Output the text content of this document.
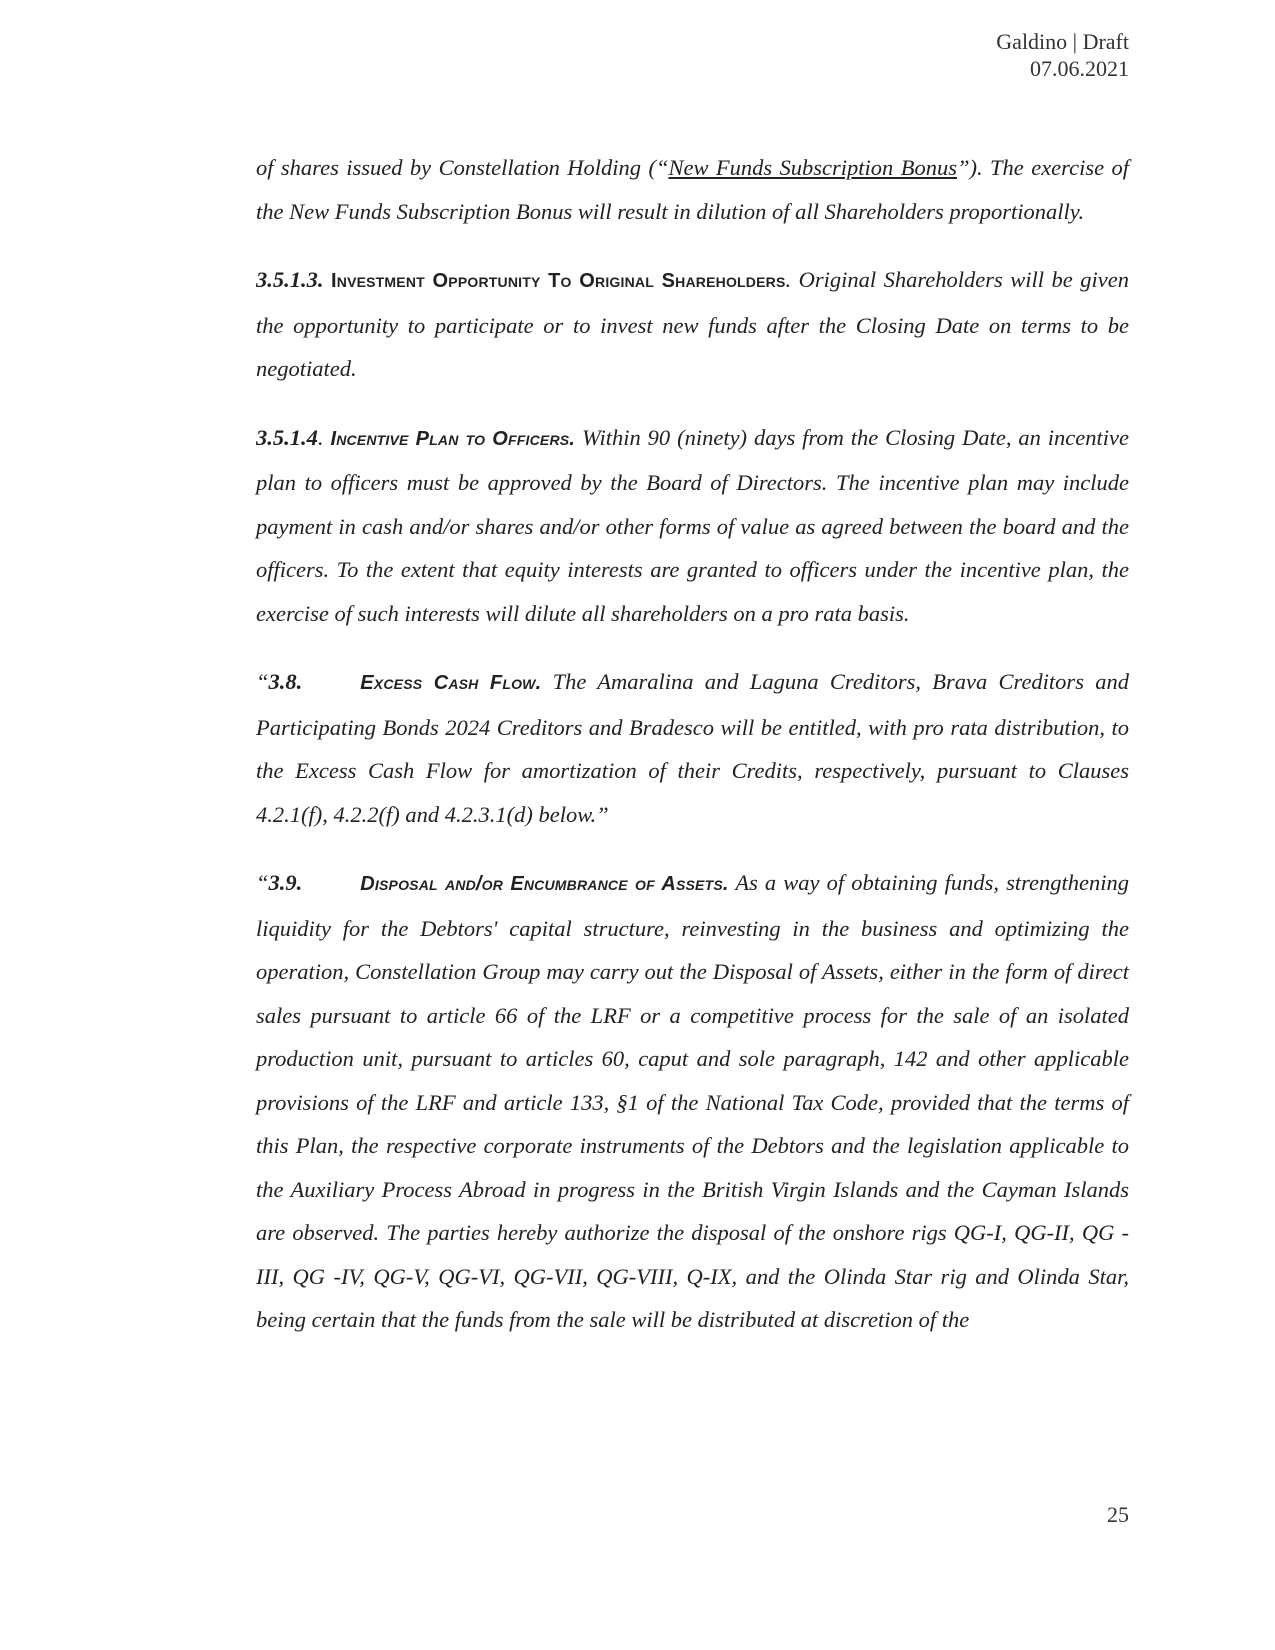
Galdino | Draft
07.06.2021

of shares issued by Constellation Holding (“New Funds Subscription Bonus”). The exercise of the New Funds Subscription Bonus will result in dilution of all Shareholders proportionally.

3.5.1.3. Investment Opportunity To Original Shareholders. Original Shareholders will be given the opportunity to participate or to invest new funds after the Closing Date on terms to be negotiated.

3.5.1.4. Incentive Plan to Officers. Within 90 (ninety) days from the Closing Date, an incentive plan to officers must be approved by the Board of Directors. The incentive plan may include payment in cash and/or shares and/or other forms of value as agreed between the board and the officers. To the extent that equity interests are granted to officers under the incentive plan, the exercise of such interests will dilute all shareholders on a pro rata basis.

“3.8.	Excess Cash Flow. The Amaralina and Laguna Creditors, Brava Creditors and Participating Bonds 2024 Creditors and Bradesco will be entitled, with pro rata distribution, to the Excess Cash Flow for amortization of their Credits, respectively, pursuant to Clauses 4.2.1(f), 4.2.2(f) and 4.2.3.1(d) below.”

“3.9.	Disposal and/or Encumbrance of Assets. As a way of obtaining funds, strengthening liquidity for the Debtors' capital structure, reinvesting in the business and optimizing the operation, Constellation Group may carry out the Disposal of Assets, either in the form of direct sales pursuant to article 66 of the LRF or a competitive process for the sale of an isolated production unit, pursuant to articles 60, caput and sole paragraph, 142 and other applicable provisions of the LRF and article 133, §1 of the National Tax Code, provided that the terms of this Plan, the respective corporate instruments of the Debtors and the legislation applicable to the Auxiliary Process Abroad in progress in the British Virgin Islands and the Cayman Islands are observed. The parties hereby authorize the disposal of the onshore rigs QG-I, QG-II, QG -III, QG -IV, QG-V, QG-VI, QG-VII, QG-VIII, Q-IX, and the Olinda Star rig and Olinda Star, being certain that the funds from the sale will be distributed at discretion of the

25
